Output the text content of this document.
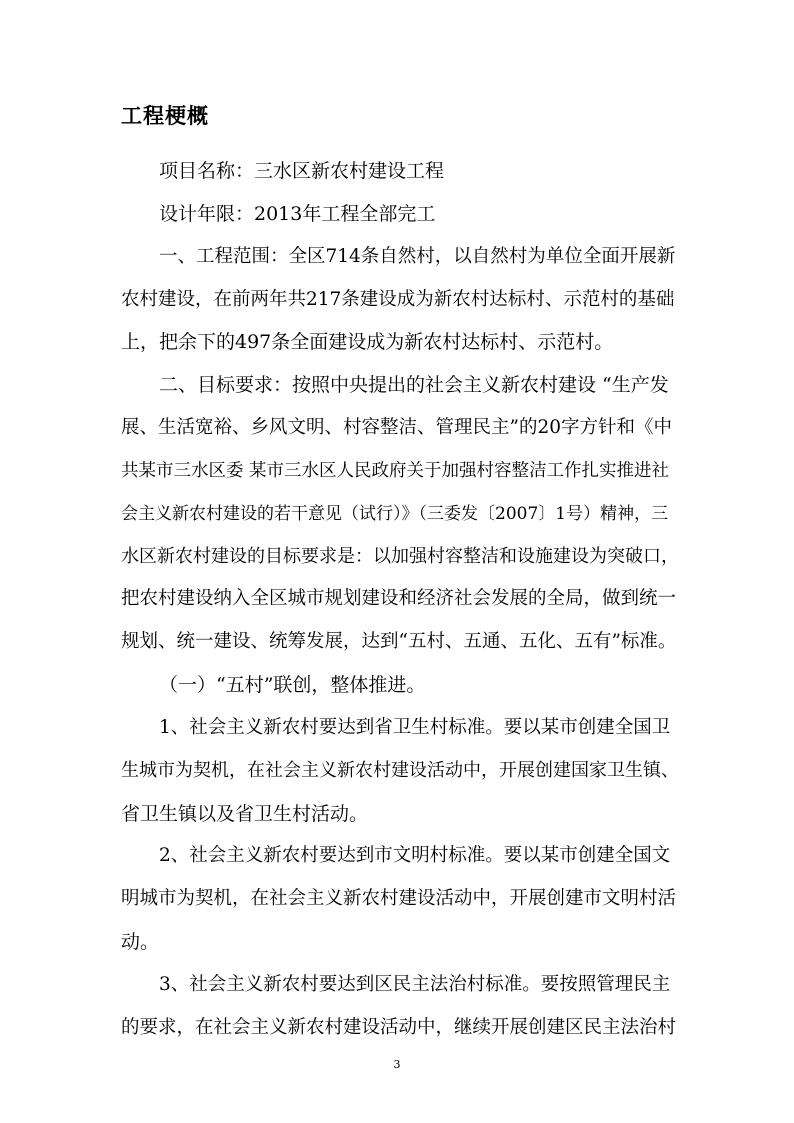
工程梗概

项目名称：三水区新农村建设工程

设计年限：2013年工程全部完工

一、工程范围：全区714条自然村，以自然村为单位全面开展新

农村建设，在前两年共217条建设成为新农村达标村、示范村的基础

上，把余下的497条全面建设成为新农村达标村、示范村。

二、目标要求：按照中央提出的社会主义新农村建设 “生产发

展、生活宽裕、乡风文明、村容整洁、管理民主”的20字方针和《中

共某市三水区委 某市三水区人民政府关于加强村容整洁工作扎实推进社

会主义新农村建设的若干意见（试行）》（三委发〔2007〕1号）精神，三

水区新农村建设的目标要求是：以加强村容整洁和设施建设为突破口，

把农村建设纳入全区城市规划建设和经济社会发展的全局，做到统一

规划、统一建设、统筹发展，达到“五村、五通、五化、五有”标准。

（一）“五村”联创，整体推进。

1、社会主义新农村要达到省卫生村标准。要以某市创建全国卫

生城市为契机，在社会主义新农村建设活动中，开展创建国家卫生镇、

省卫生镇以及省卫生村活动。

2、社会主义新农村要达到市文明村标准。要以某市创建全国文

明城市为契机，在社会主义新农村建设活动中，开展创建市文明村活

动。

3、社会主义新农村要达到区民主法治村标准。要按照管理民主

的要求，在社会主义新农村建设活动中，继续开展创建区民主法治村

3
